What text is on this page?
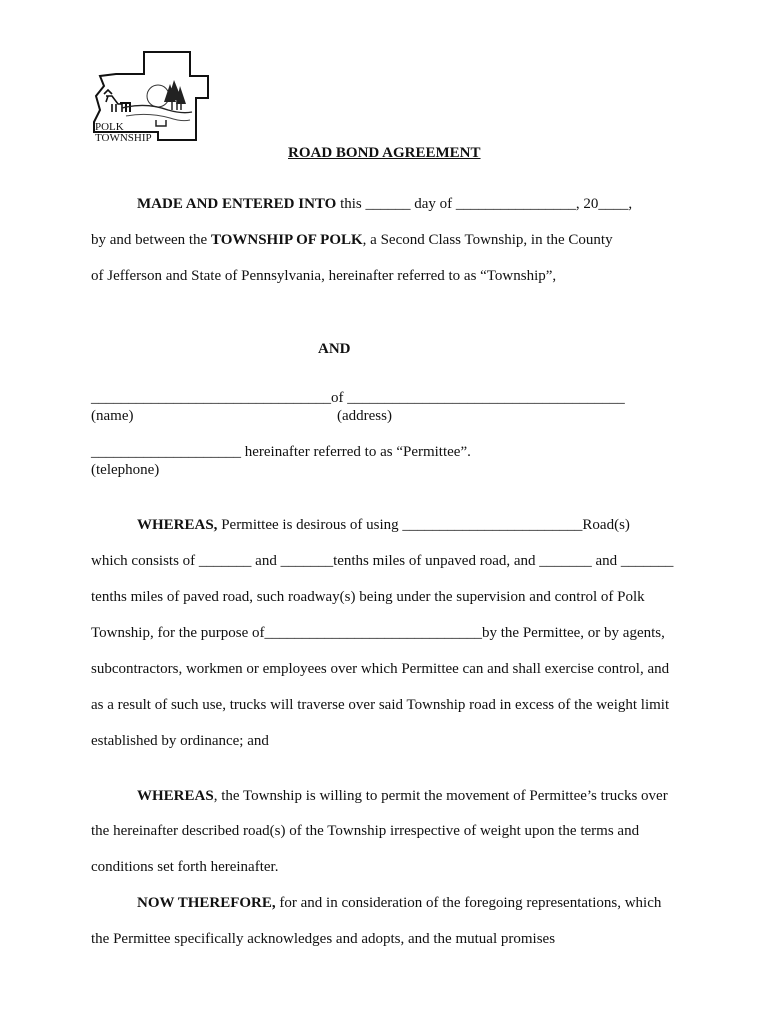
POLK
TOWNSHIP
ROAD BOND AGREEMENT
MADE AND ENTERED INTO this ______ day of ________________, 20____,
by and between the TOWNSHIP OF POLK, a Second Class Township, in the County
of Jefferson and State of Pennsylvania, hereinafter referred to as “Township”,
AND
________________________________of _____________________________________
(name)	(address)
____________________ hereinafter referred to as “Permittee”.
(telephone)
WHEREAS, Permittee is desirous of using ________________________Road(s)
which consists of _______ and _______tenths miles of unpaved road, and _______ and _______
tenths miles of paved road, such roadway(s) being under the supervision and control of Polk
Township, for the purpose of_____________________________by the Permittee, or by agents,
subcontractors, workmen or employees over which Permittee can and shall exercise control, and
as a result of such use, trucks will traverse over said Township road in excess of the weight limit
established by ordinance; and
WHEREAS, the Township is willing to permit the movement of Permittee’s trucks over
the hereinafter described road(s) of the Township irrespective of weight upon the terms and
conditions set forth hereinafter.
NOW THEREFORE, for and in consideration of the foregoing representations, which
the Permittee specifically acknowledges and adopts, and the mutual promises
